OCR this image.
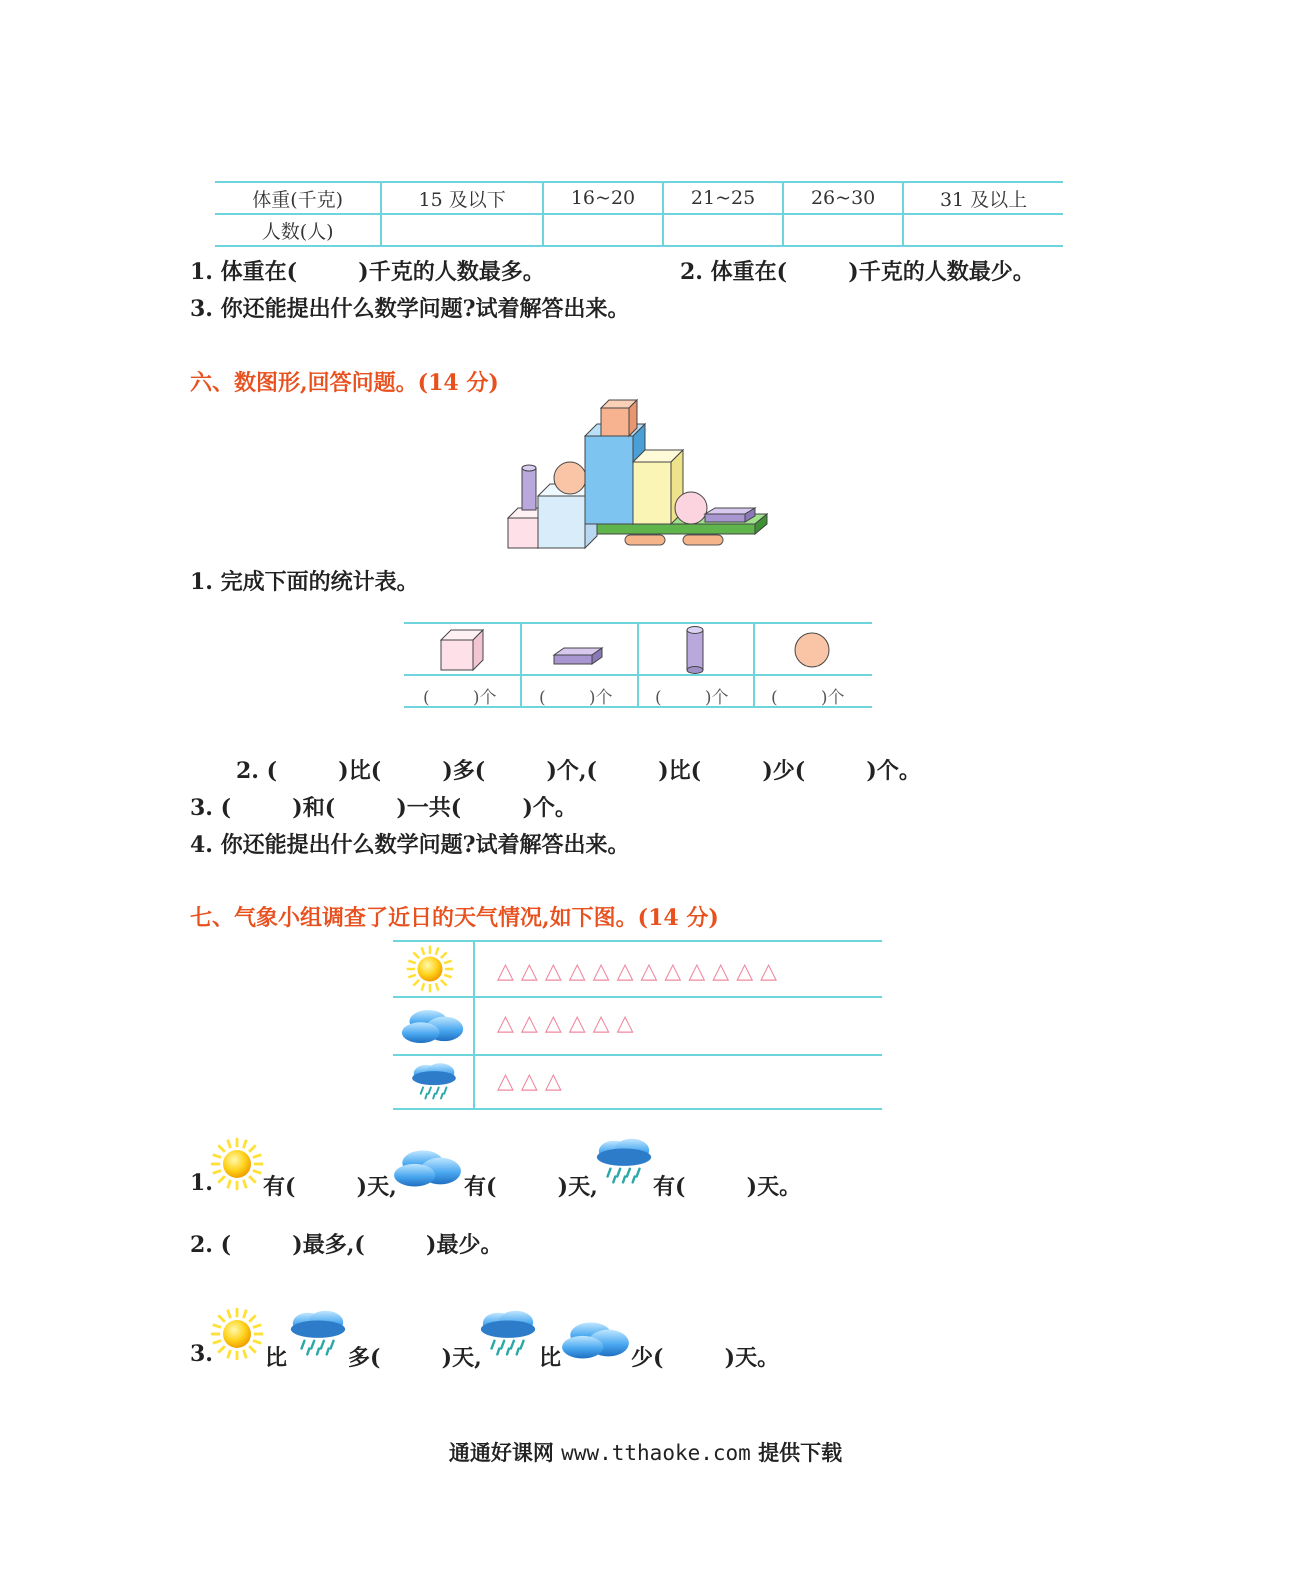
体重(千克)	15 及以下	16~20	21~25	26~30	31 及以上
人数(人)					
1. 体重在(        )千克的人数最多。	2. 体重在(        )千克的人数最少。
3. 你还能提出什么数学问题?试着解答出来。
六、数图形,回答问题。(14 分)
1. 完成下面的统计表。
(        )个	(        )个	(        )个	(        )个
2. (        )比(        )多(        )个,(        )比(        )少(        )个。
3. (        )和(        )一共(        )个。
4. 你还能提出什么数学问题?试着解答出来。
七、气象小组调查了近日的天气情况,如下图。(14 分)
△△△△△△△△△△△△
△△△△△△
△△△
1. 有(        )天,	有(        )天,	有(        )天。
2. (        )最多,(        )最少。
3. 比	多(        )天,	比	少(        )天。
通通好课网 www.tthaoke.com 提供下载
